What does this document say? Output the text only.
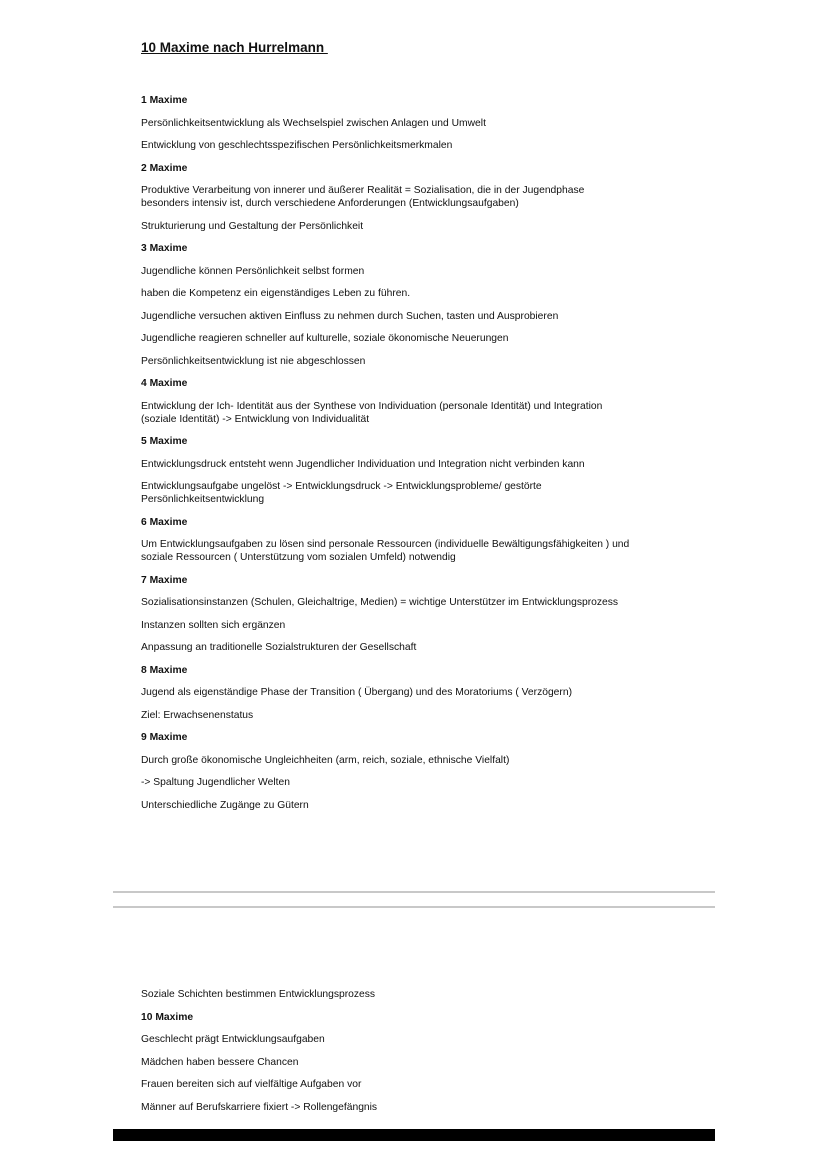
10 Maxime nach Hurrelmann

1 Maxime

Persönlichkeitsentwicklung als Wechselspiel zwischen Anlagen und Umwelt

Entwicklung von geschlechtsspezifischen Persönlichkeitsmerkmalen

2 Maxime

Produktive Verarbeitung von innerer und äußerer Realität = Sozialisation, die in der Jugendphase
besonders intensiv ist, durch verschiedene Anforderungen (Entwicklungsaufgaben)

Strukturierung und Gestaltung der Persönlichkeit

3 Maxime

Jugendliche können Persönlichkeit selbst formen

haben die Kompetenz ein eigenständiges Leben zu führen.

Jugendliche versuchen aktiven Einfluss zu nehmen durch Suchen, tasten und Ausprobieren

Jugendliche reagieren schneller auf kulturelle, soziale ökonomische Neuerungen

Persönlichkeitsentwicklung ist nie abgeschlossen

4 Maxime

Entwicklung der Ich- Identität aus der Synthese von Individuation (personale Identität) und Integration
(soziale Identität) -> Entwicklung von Individualität

5 Maxime

Entwicklungsdruck entsteht wenn Jugendlicher Individuation und Integration nicht verbinden kann

Entwicklungsaufgabe ungelöst -> Entwicklungsdruck -> Entwicklungsprobleme/ gestörte
Persönlichkeitsentwicklung

6 Maxime

Um Entwicklungsaufgaben zu lösen sind personale Ressourcen (individuelle Bewältigungsfähigkeiten ) und
soziale Ressourcen ( Unterstützung vom sozialen Umfeld) notwendig

7 Maxime

Sozialisationsinstanzen (Schulen, Gleichaltrige, Medien) = wichtige Unterstützer im Entwicklungsprozess

Instanzen sollten sich ergänzen

Anpassung an traditionelle Sozialstrukturen der Gesellschaft

8 Maxime

Jugend als eigenständige Phase der Transition ( Übergang) und des Moratoriums ( Verzögern)

Ziel: Erwachsenenstatus

9 Maxime

Durch große ökonomische Ungleichheiten (arm, reich, soziale, ethnische Vielfalt)

-> Spaltung Jugendlicher Welten

Unterschiedliche Zugänge zu Gütern

Soziale Schichten bestimmen Entwicklungsprozess

10 Maxime

Geschlecht prägt Entwicklungsaufgaben

Mädchen haben bessere Chancen

Frauen bereiten sich auf vielfältige Aufgaben vor

Männer auf Berufskarriere fixiert -> Rollengefängnis
